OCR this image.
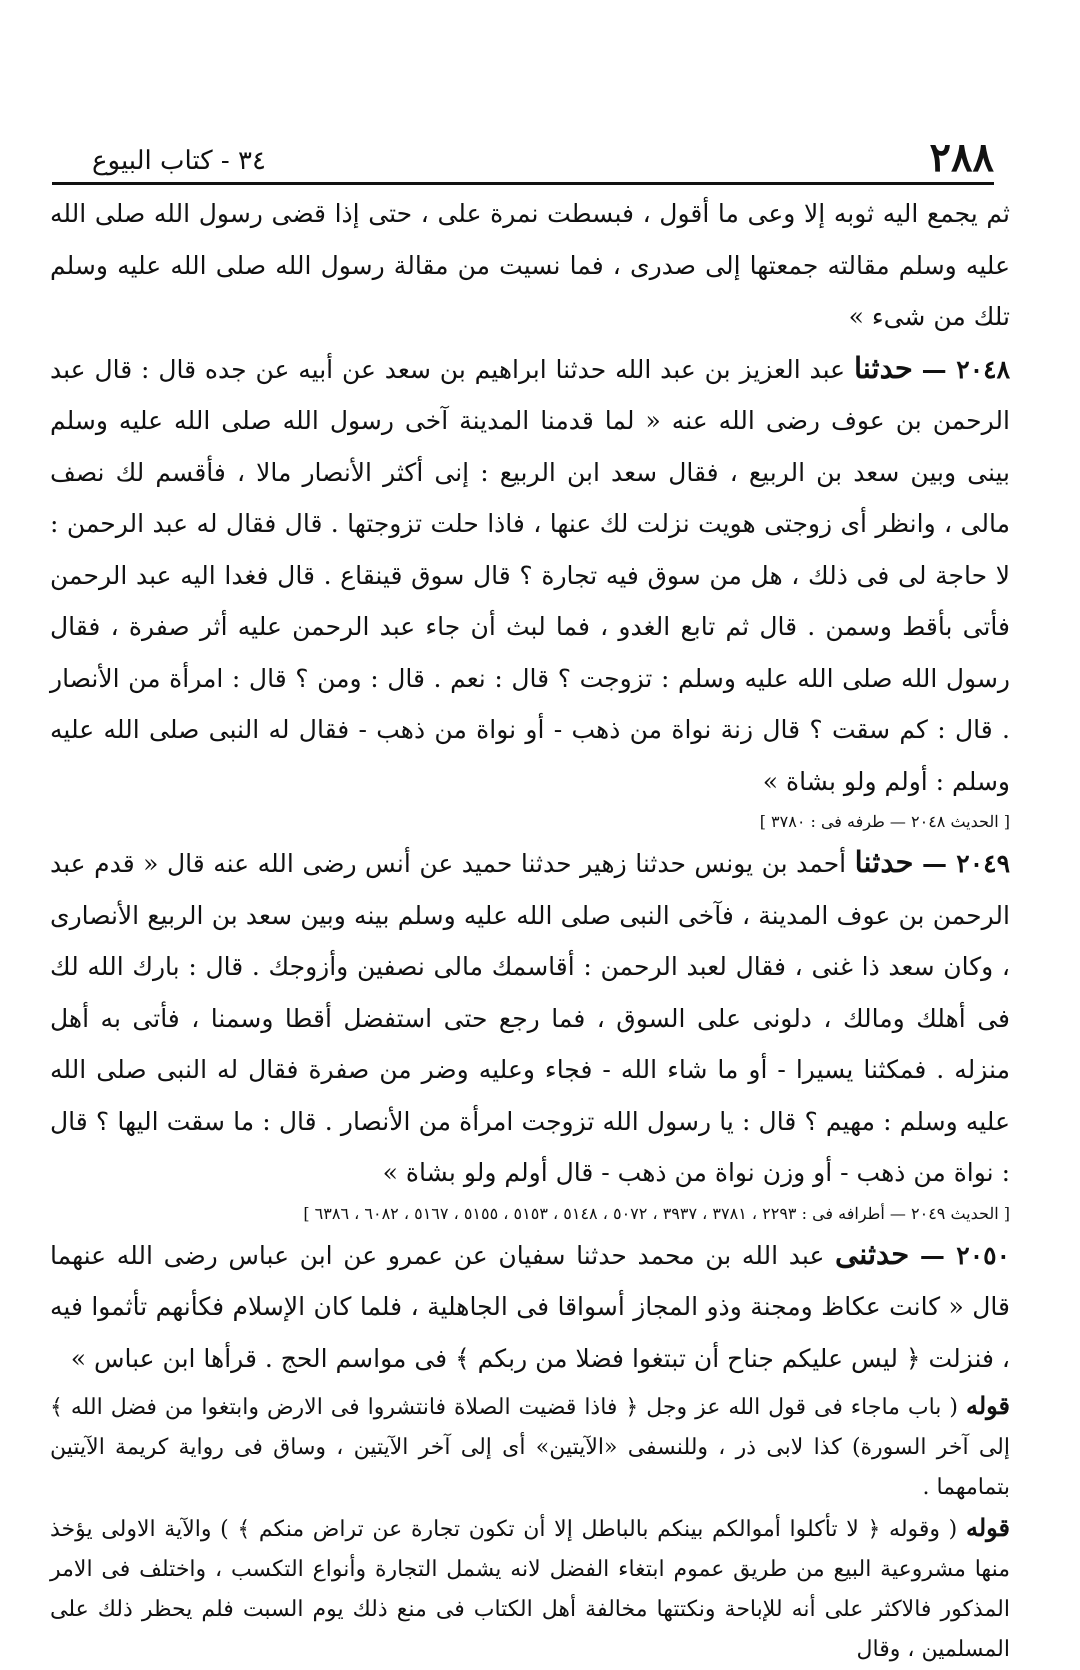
٢٨٨
٣٤ - كتاب البيوع

ثم يجمع اليه ثوبه إلا وعى ما أقول ، فبسطت نمرة على ، حتى إذا قضى رسول الله صلى الله عليه وسلم مقالته جمعتها إلى صدرى ، فما نسيت من مقالة رسول الله صلى الله عليه وسلم تلك من شىء »

٢٠٤٨ — حدثنا عبد العزيز بن عبد الله حدثنا ابراهيم بن سعد عن أبيه عن جده قال : قال عبد الرحمن بن عوف رضى الله عنه « لما قدمنا المدينة آخى رسول الله صلى الله عليه وسلم بينى وبين سعد بن الربيع ، فقال سعد ابن الربيع : إنى أكثر الأنصار مالا ، فأقسم لك نصف مالى ، وانظر أى زوجتى هويت نزلت لك عنها ، فاذا حلت تزوجتها . قال فقال له عبد الرحمن : لا حاجة لى فى ذلك ، هل من سوق فيه تجارة ؟ قال سوق قينقاع . قال فغدا اليه عبد الرحمن فأتى بأقط وسمن . قال ثم تابع الغدو ، فما لبث أن جاء عبد الرحمن عليه أثر صفرة ، فقال رسول الله صلى الله عليه وسلم : تزوجت ؟ قال : نعم . قال : ومن ؟ قال : امرأة من الأنصار . قال : كم سقت ؟ قال زنة نواة من ذهب - أو نواة من ذهب - فقال له النبى صلى الله عليه وسلم : أولم ولو بشاة »

[ الحديث ٢٠٤٨ — طرفه فى : ٣٧٨٠ ]

٢٠٤٩ — حدثنا أحمد بن يونس حدثنا زهير حدثنا حميد عن أنس رضى الله عنه قال « قدم عبد الرحمن بن عوف المدينة ، فآخى النبى صلى الله عليه وسلم بينه وبين سعد بن الربيع الأنصارى ، وكان سعد ذا غنى ، فقال لعبد الرحمن : أقاسمك مالى نصفين وأزوجك . قال : بارك الله لك فى أهلك ومالك ، دلونى على السوق ، فما رجع حتى استفضل أقطا وسمنا ، فأتى به أهل منزله . فمكثنا يسيرا - أو ما شاء الله - فجاء وعليه وضر من صفرة فقال له النبى صلى الله عليه وسلم : مهيم ؟ قال : يا رسول الله تزوجت امرأة من الأنصار . قال : ما سقت اليها ؟ قال : نواة من ذهب - أو وزن نواة من ذهب - قال أولم ولو بشاة »

[ الحديث ٢٠٤٩ — أطرافه فى : ٢٢٩٣ ، ٣٧٨١ ، ٣٩٣٧ ، ٥٠٧٢ ، ٥١٤٨ ، ٥١٥٣ ، ٥١٥٥ ، ٥١٦٧ ، ٦٠٨٢ ، ٦٣٨٦ ]

٢٠٥٠ — حدثنى عبد الله بن محمد حدثنا سفيان عن عمرو عن ابن عباس رضى الله عنهما قال « كانت عكاظ ومجنة وذو المجاز أسواقا فى الجاهلية ، فلما كان الإسلام فكأنهم تأثموا فيه ، فنزلت ﴿ ليس عليكم جناح أن تبتغوا فضلا من ربكم ﴾ فى مواسم الحج . قرأها ابن عباس »

قوله ( باب ماجاء فى قول الله عز وجل ﴿ فاذا قضيت الصلاة فانتشروا فى الارض وابتغوا من فضل الله ﴾ إلى آخر السورة) كذا لابى ذر ، وللنسفى «الآيتين» أى إلى آخر الآيتين ، وساق فى رواية كريمة الآيتين بتمامهما .

قوله ( وقوله ﴿ لا تأكلوا أموالكم بينكم بالباطل إلا أن تكون تجارة عن تراض منكم ﴾ ) والآية الاولى يؤخذ منها مشروعية البيع من طريق عموم ابتغاء الفضل لانه يشمل التجارة وأنواع التكسب ، واختلف فى الامر المذكور فالاكثر على أنه للإباحة ونكتتها مخالفة أهل الكتاب فى منع ذلك يوم السبت فلم يحظر ذلك على المسلمين ، وقال
